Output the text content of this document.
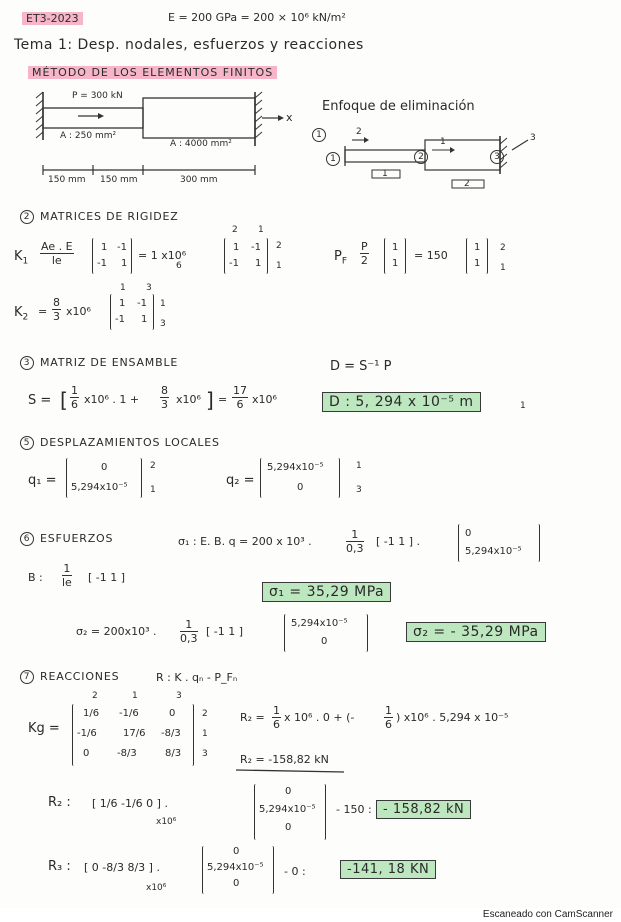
ET3-2023	E = 200 GPa = 200 × 10⁶ kN/m²
Tema 1: Desp. nodales, esfuerzos y reacciones
MÉTODO DE LOS ELEMENTOS FINITOS
P = 300 kN
A : 250 mm²
A : 4000 mm²
x
150 mm 150 mm	300 mm
Enfoque de eliminación
1
1	2	3
1
2
2
1	3
2 MATRICES DE RIGIDEZ
$K_1 \frac{Ae . E}{le}$	1 -1
-1 1
= 1 x10⁶
6
2 1
1 -1
-1 1
2
1
$P_F \frac{P}{2} 1$
1
= 150
1
1
2
1
$K_2 = \frac{8}{3} x10^6$
1 3
1 -1
-1 1
1
3
3 MATRIZ DE ENSAMBLE	D = S⁻¹ P
S = [ $\frac{1}{6} x10^6$ . $1 + \frac{8}{3} x10^6$ ] = $\frac{17}{6} x10^6$	D : 5, 294 x 10⁻⁵ m	1
5 DESPLAZAMIENTOS LOCALES
q₁ =
0
5,294x10⁻⁵
2
1
q₂ =
5,294x10⁻⁵
0
1
3
6 ESFUERZOS	σ₁ : E. B. q = 200 x 10³ .	$\frac{1}{0,3}$ [ -1 1 ] .
0
5,294x10⁻⁵
B : $\frac{1}{le}$ [ -1 1 ]
σ₁ = 35,29 MPa
σ₂ = 200x10³ . $\frac{1}{0,3}$ [ -1 1 ]
5,294x10⁻⁵
0
σ₂ = - 35,29 MPa
7 REACCIONES	R : K . qₙ - P_Fₙ
2	1	3
Kg =
1/6 -1/6	0
-1/6	17/6 -8/3
0	-8/3	8/3
2
1
3
$R_2 = \frac{1}{6}$ x 10⁶ . 0 + (-	$\frac{1}{6}$ ) x10⁶ . 5,294 x 10⁻⁵
R₂ = -158,82 kN
R₂ : [ 1/6 -1/6 0 ] .
x10⁶
0
5,294x10⁻⁵
0
- 150 : - 158,82 kN
R₃ : [ 0 -8/3 8/3 ] .
x10⁶
0
5,294x10⁻⁵
0
- 0 :	-141, 18 KN
Escaneado con CamScanner
